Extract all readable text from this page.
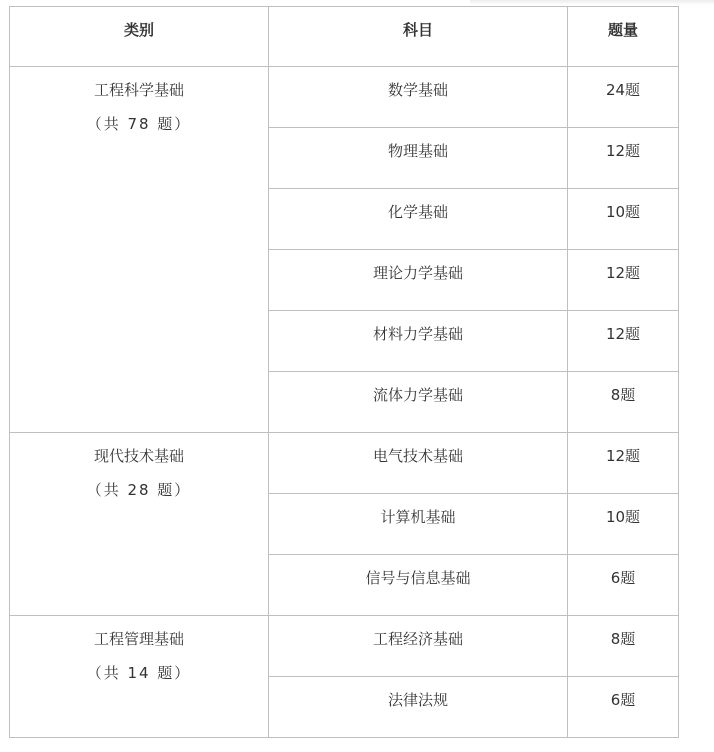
类别	科目	题量

工程科学基础
（共 78 题）	数学基础	24题
	物理基础	12题
	化学基础	10题
	理论力学基础	12题
	材料力学基础	12题
	流体力学基础	8题

现代技术基础
（共 28 题）	电气技术基础	12题
	计算机基础	10题
	信号与信息基础	6题

工程管理基础
（共 14 题）	工程经济基础	8题
	法律法规	6题
